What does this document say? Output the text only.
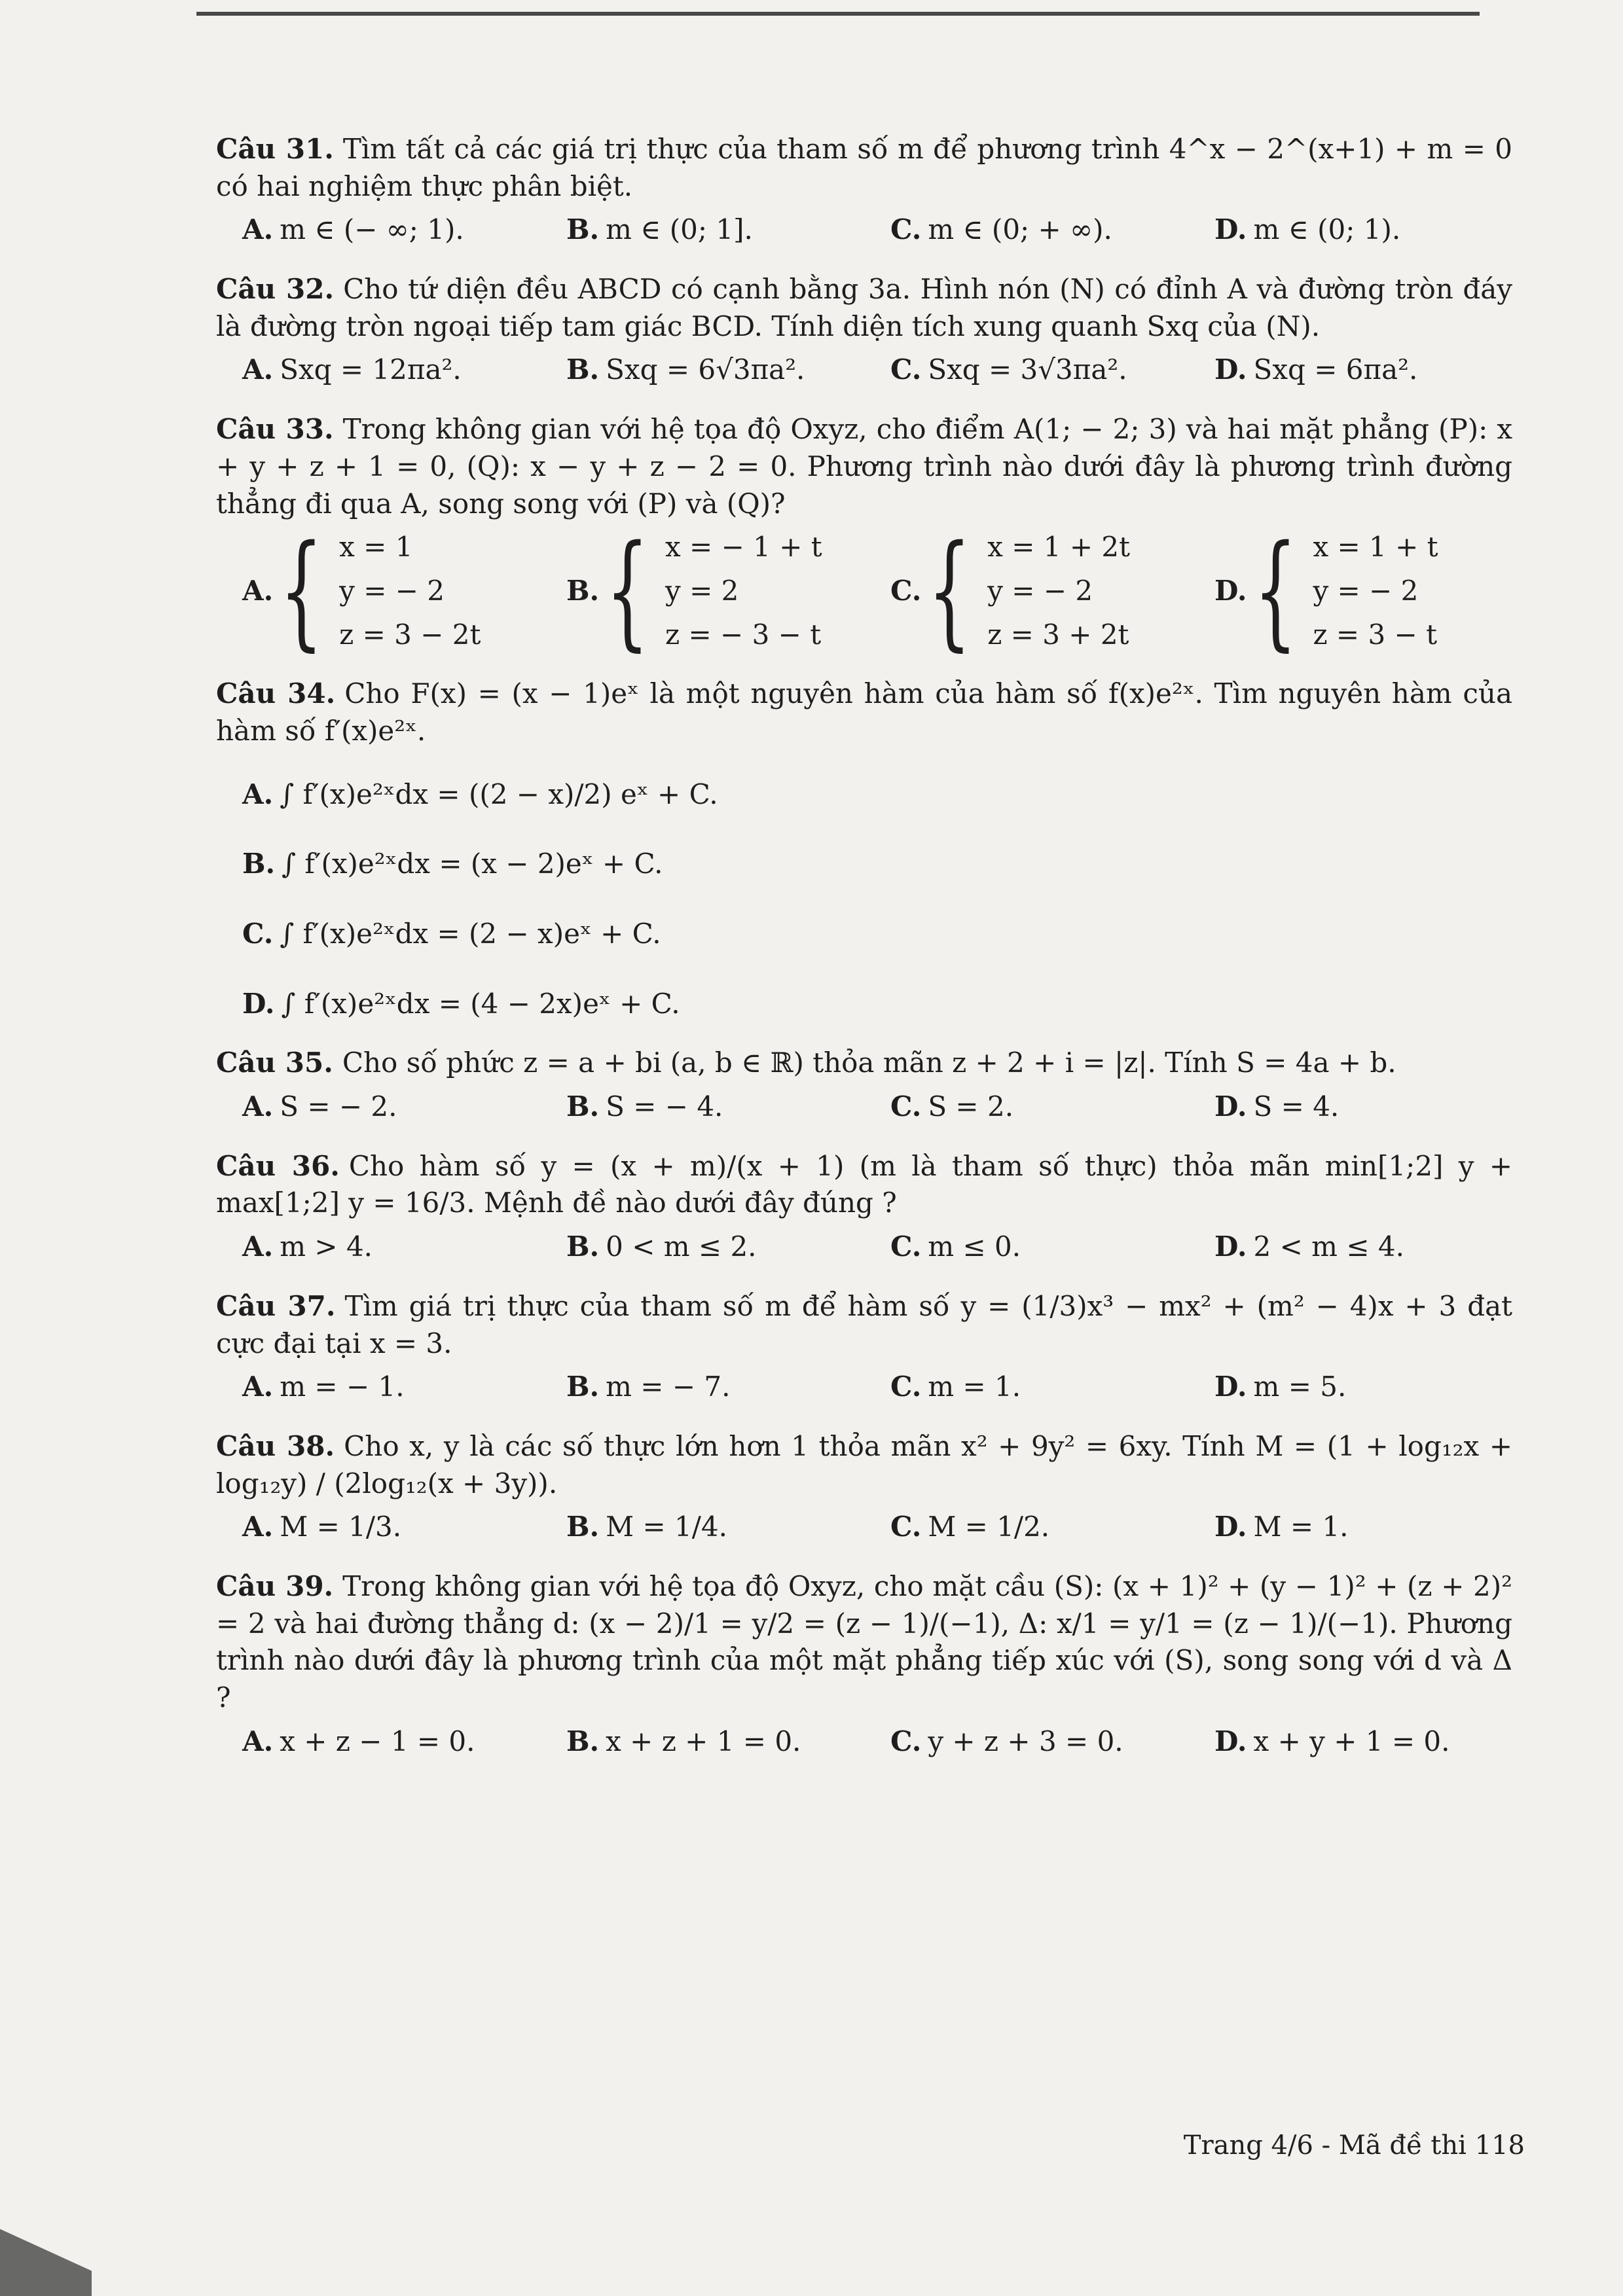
Câu 31. Tìm tất cả các giá trị thực của tham số m để phương trình 4^x − 2^(x+1) + m = 0 có hai nghiệm thực phân biệt.
A. m ∈ (− ∞; 1).	B. m ∈ (0; 1].	C. m ∈ (0; + ∞).	D. m ∈ (0; 1).
Câu 32. Cho tứ diện đều ABCD có cạnh bằng 3a. Hình nón (N) có đỉnh A và đường tròn đáy là đường tròn ngoại tiếp tam giác BCD. Tính diện tích xung quanh Sxq của (N).
A. Sxq = 12πa².	B. Sxq = 6√3πa².	C. Sxq = 3√3πa².	D. Sxq = 6πa².
Câu 33. Trong không gian với hệ tọa độ Oxyz, cho điểm A(1; − 2; 3) và hai mặt phẳng (P): x + y + z + 1 = 0, (Q): x − y + z − 2 = 0. Phương trình nào dưới đây là phương trình đường thẳng đi qua A, song song với (P) và (Q)?
A. { x = 1
y = − 2
z = 3 − 2t
B. { x = − 1 + t
y = 2
z = − 3 − t
C. { x = 1 + 2t
y = − 2
z = 3 + 2t
D. { x = 1 + t
y = − 2
z = 3 − t
Câu 34. Cho F(x) = (x − 1)eˣ là một nguyên hàm của hàm số f(x)e²ˣ. Tìm nguyên hàm của hàm số f′(x)e²ˣ.
A. ∫ f′(x)e²ˣdx = ((2 − x)/2) eˣ + C.
B. ∫ f′(x)e²ˣdx = (x − 2)eˣ + C.
C. ∫ f′(x)e²ˣdx = (2 − x)eˣ + C.
D. ∫ f′(x)e²ˣdx = (4 − 2x)eˣ + C.
Câu 35. Cho số phức z = a + bi (a, b ∈ ℝ) thỏa mãn z + 2 + i = |z|. Tính S = 4a + b.
A. S = − 2.	B. S = − 4.	C. S = 2.	D. S = 4.
Câu 36. Cho hàm số y = (x + m)/(x + 1) (m là tham số thực) thỏa mãn min[1;2] y + max[1;2] y = 16/3. Mệnh đề nào dưới đây đúng ?
A. m > 4.	B. 0 < m ≤ 2.	C. m ≤ 0.	D. 2 < m ≤ 4.
Câu 37. Tìm giá trị thực của tham số m để hàm số y = (1/3)x³ − mx² + (m² − 4)x + 3 đạt cực đại tại x = 3.
A. m = − 1.	B. m = − 7.	C. m = 1.	D. m = 5.
Câu 38. Cho x, y là các số thực lớn hơn 1 thỏa mãn x² + 9y² = 6xy. Tính M = (1 + log₁₂x + log₁₂y) / (2log₁₂(x + 3y)).
A. M = 1/3.	B. M = 1/4.	C. M = 1/2.	D. M = 1.
Câu 39. Trong không gian với hệ tọa độ Oxyz, cho mặt cầu (S): (x + 1)² + (y − 1)² + (z + 2)² = 2 và hai đường thẳng d: (x − 2)/1 = y/2 = (z − 1)/(−1), Δ: x/1 = y/1 = (z − 1)/(−1). Phương trình nào dưới đây là phương trình của một mặt phẳng tiếp xúc với (S), song song với d và Δ ?
A. x + z − 1 = 0.	B. x + z + 1 = 0.	C. y + z + 3 = 0.	D. x + y + 1 = 0.
Trang 4/6 - Mã đề thi 118
